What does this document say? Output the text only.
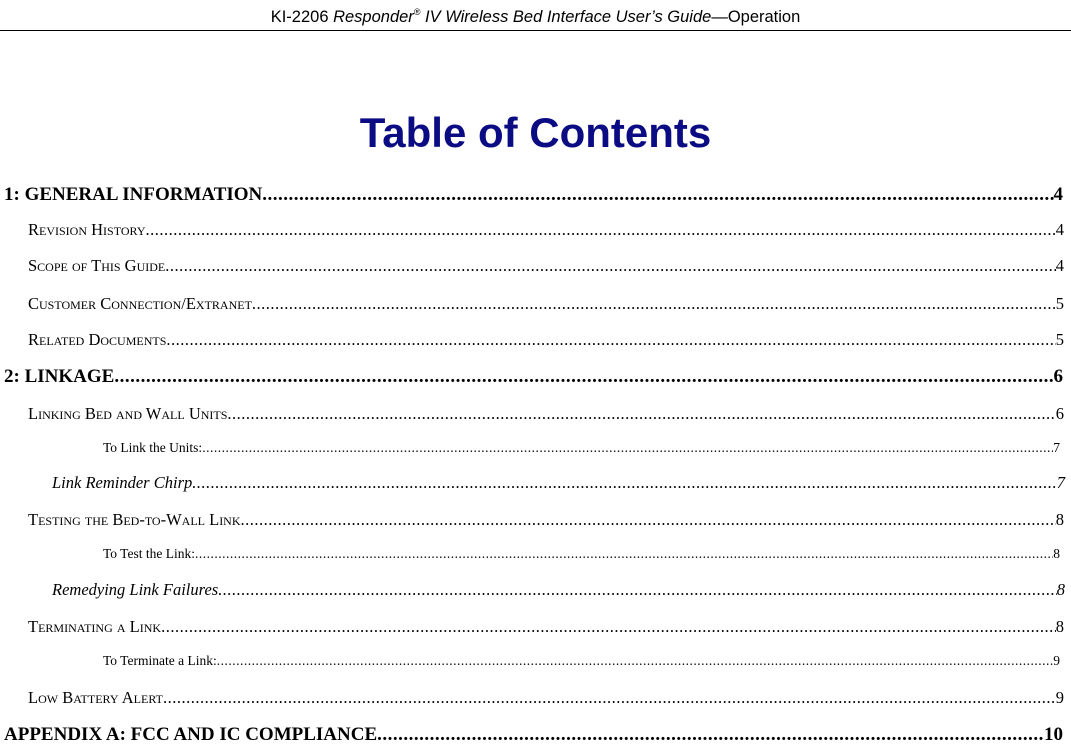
KI-2206 Responder® IV Wireless Bed Interface User’s Guide—Operation
Table of Contents
1: GENERAL INFORMATION .....	4
Revision History .....	4
Scope of This Guide .....	4
Customer Connection/Extranet .....	5
Related Documents .....	5
2: LINKAGE .....	6
Linking Bed and Wall Units .....	6
To Link the Units: .....	7
Link Reminder Chirp .....	7
Testing the Bed-to-Wall Link .....	8
To Test the Link: .....	8
Remedying Link Failures .....	8
Terminating a Link .....	8
To Terminate a Link: .....	9
Low Battery Alert .....	9
APPENDIX A: FCC AND IC COMPLIANCE .....	10
